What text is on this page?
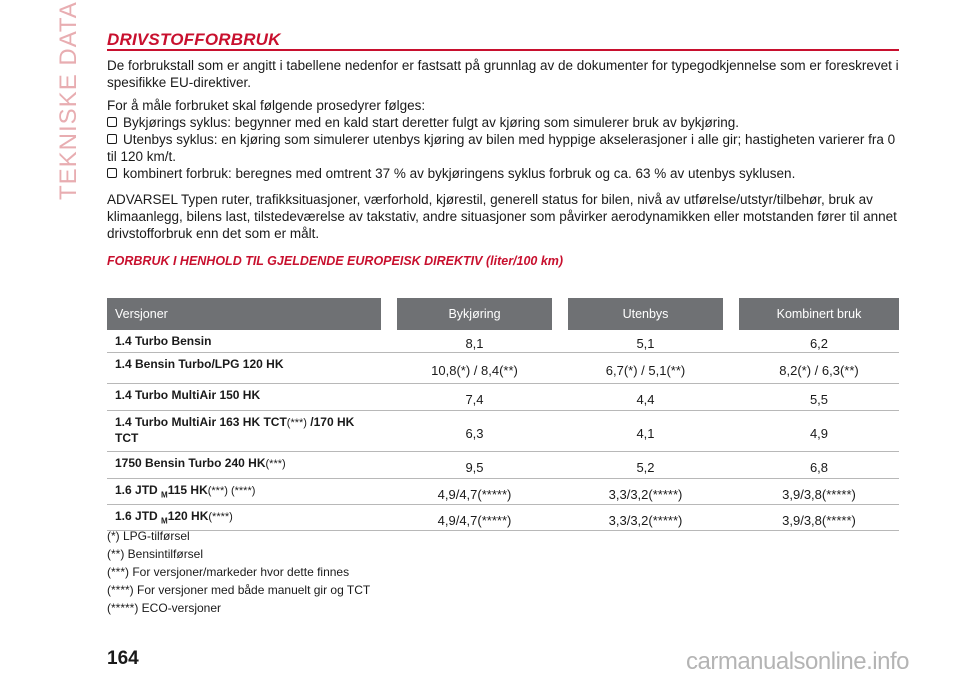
TEKNISKE DATA DRIVSTOFFORBRUK
De forbrukstall som er angitt i tabellene nedenfor er fastsatt på grunnlag av de dokumenter for typegodkjennelse som er foreskrevet i spesifikke EU-direktiver.
For å måle forbruket skal følgende prosedyrer følges:
Bykjørings syklus: begynner med en kald start deretter fulgt av kjøring som simulerer bruk av bykjøring.
Utenbys syklus: en kjøring som simulerer utenbys kjøring av bilen med hyppige akselerasjoner i alle gir; hastigheten varierer fra 0 til 120 km/t.
kombinert forbruk: beregnes med omtrent 37 % av bykjøringens syklus forbruk og ca. 63 % av utenbys syklusen.
ADVARSEL Typen ruter, trafikksituasjoner, værforhold, kjørestil, generell status for bilen, nivå av utførelse/utstyr/tilbehør, bruk av klimaanlegg, bilens last, tilstedeværelse av takstativ, andre situasjoner som påvirker aerodynamikken eller motstanden fører til annet drivstofforbruk enn det som er målt.
FORBRUK I HENHOLD TIL GJELDENDE EUROPEISK DIREKTIV (liter/100 km)
Versjoner		Bykjøring		Utenbys		Kombinert bruk
1.4 Turbo Bensin		8,1		5,1		6,2
1.4 Bensin Turbo/LPG 120 HK		10,8(*) / 8,4(**)		6,7(*) / 5,1(**)		8,2(*) / 6,3(**)
1.4 Turbo MultiAir 150 HK		7,4		4,4		5,5
1.4 Turbo MultiAir 163 HK TCT(***) /170 HK TCT		6,3		4,1		4,9
1750 Bensin Turbo 240 HK(***)		9,5		5,2		6,8
1.6 JTD $_M$115 HK(***) (****)		4,9/4,7(*****)		3,3/3,2(*****)		3,9/3,8(*****)
1.6 JTD $_M$120 HK(****)		4,9/4,7(*****)		3,3/3,2(*****)		3,9/3,8(*****)
(*) LPG-tilførsel
(**) Bensintilførsel
(***) For versjoner/markeder hvor dette finnes
(****) For versjoner med både manuelt gir og TCT
(*****) ECO-versjoner
164	carmanualsonline.info
